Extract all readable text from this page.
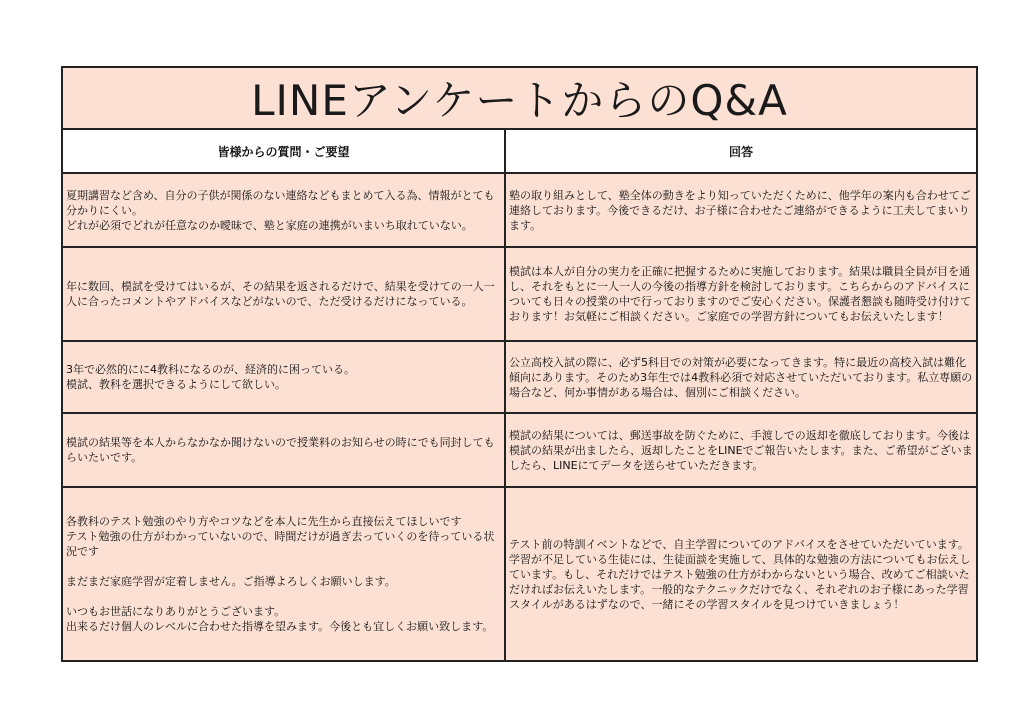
LINEアンケートからのQ&A
皆様からの質問・ご要望	回答
夏期講習など含め、自分の子供が関係のない連絡などもまとめて入る為、情報がとても分かりにくい。
どれが必須でどれが任意なのか曖昧で、塾と家庭の連携がいまいち取れていない。
塾の取り組みとして、塾全体の動きをより知っていただくために、他学年の案内も合わせてご連絡しております。今後できるだけ、お子様に合わせたご連絡ができるように工夫してまいります。
年に数回、模試を受けてはいるが、その結果を返されるだけで、結果を受けての一人一人に合ったコメントやアドバイスなどがないので、ただ受けるだけになっている。
模試は本人が自分の実力を正確に把握するために実施しております。結果は職員全員が目を通し、それをもとに一人一人の今後の指導方針を検討しております。こちらからのアドバイスについても日々の授業の中で行っておりますのでご安心ください。保護者懇談も随時受け付けております！お気軽にご相談ください。ご家庭での学習方針についてもお伝えいたします！
3年で必然的にに4教科になるのが、経済的に困っている。
模試、教科を選択できるようにして欲しい。
公立高校入試の際に、必ず5科目での対策が必要になってきます。特に最近の高校入試は難化傾向にあります。そのため3年生では4教科必須で対応させていただいております。私立専願の場合など、何か事情がある場合は、個別にご相談ください。
模試の結果等を本人からなかなか聞けないので授業料のお知らせの時にでも同封してもらいたいです。
模試の結果については、郵送事故を防ぐために、手渡しでの返却を徹底しております。今後は模試の結果が出ましたら、返却したことをLINEでご報告いたします。また、ご希望がございましたら、LINEにてデータを送らせていただきます。
各教科のテスト勉強のやり方やコツなどを本人に先生から直接伝えてほしいです
テスト勉強の仕方がわかっていないので、時間だけが過ぎ去っていくのを待っている状況です

まだまだ家庭学習が定着しません。ご指導よろしくお願いします。

いつもお世話になりありがとうございます。
出来るだけ個人のレベルに合わせた指導を望みます。今後とも宜しくお願い致します。
テスト前の特訓イベントなどで、自主学習についてのアドバイスをさせていただいています。学習が不足している生徒には、生徒面談を実施して、具体的な勉強の方法についてもお伝えしています。もし、それだけではテスト勉強の仕方がわからないという場合、改めてご相談いただければお伝えいたします。一般的なテクニックだけでなく、それぞれのお子様にあった学習スタイルがあるはずなので、一緒にその学習スタイルを見つけていきましょう！
